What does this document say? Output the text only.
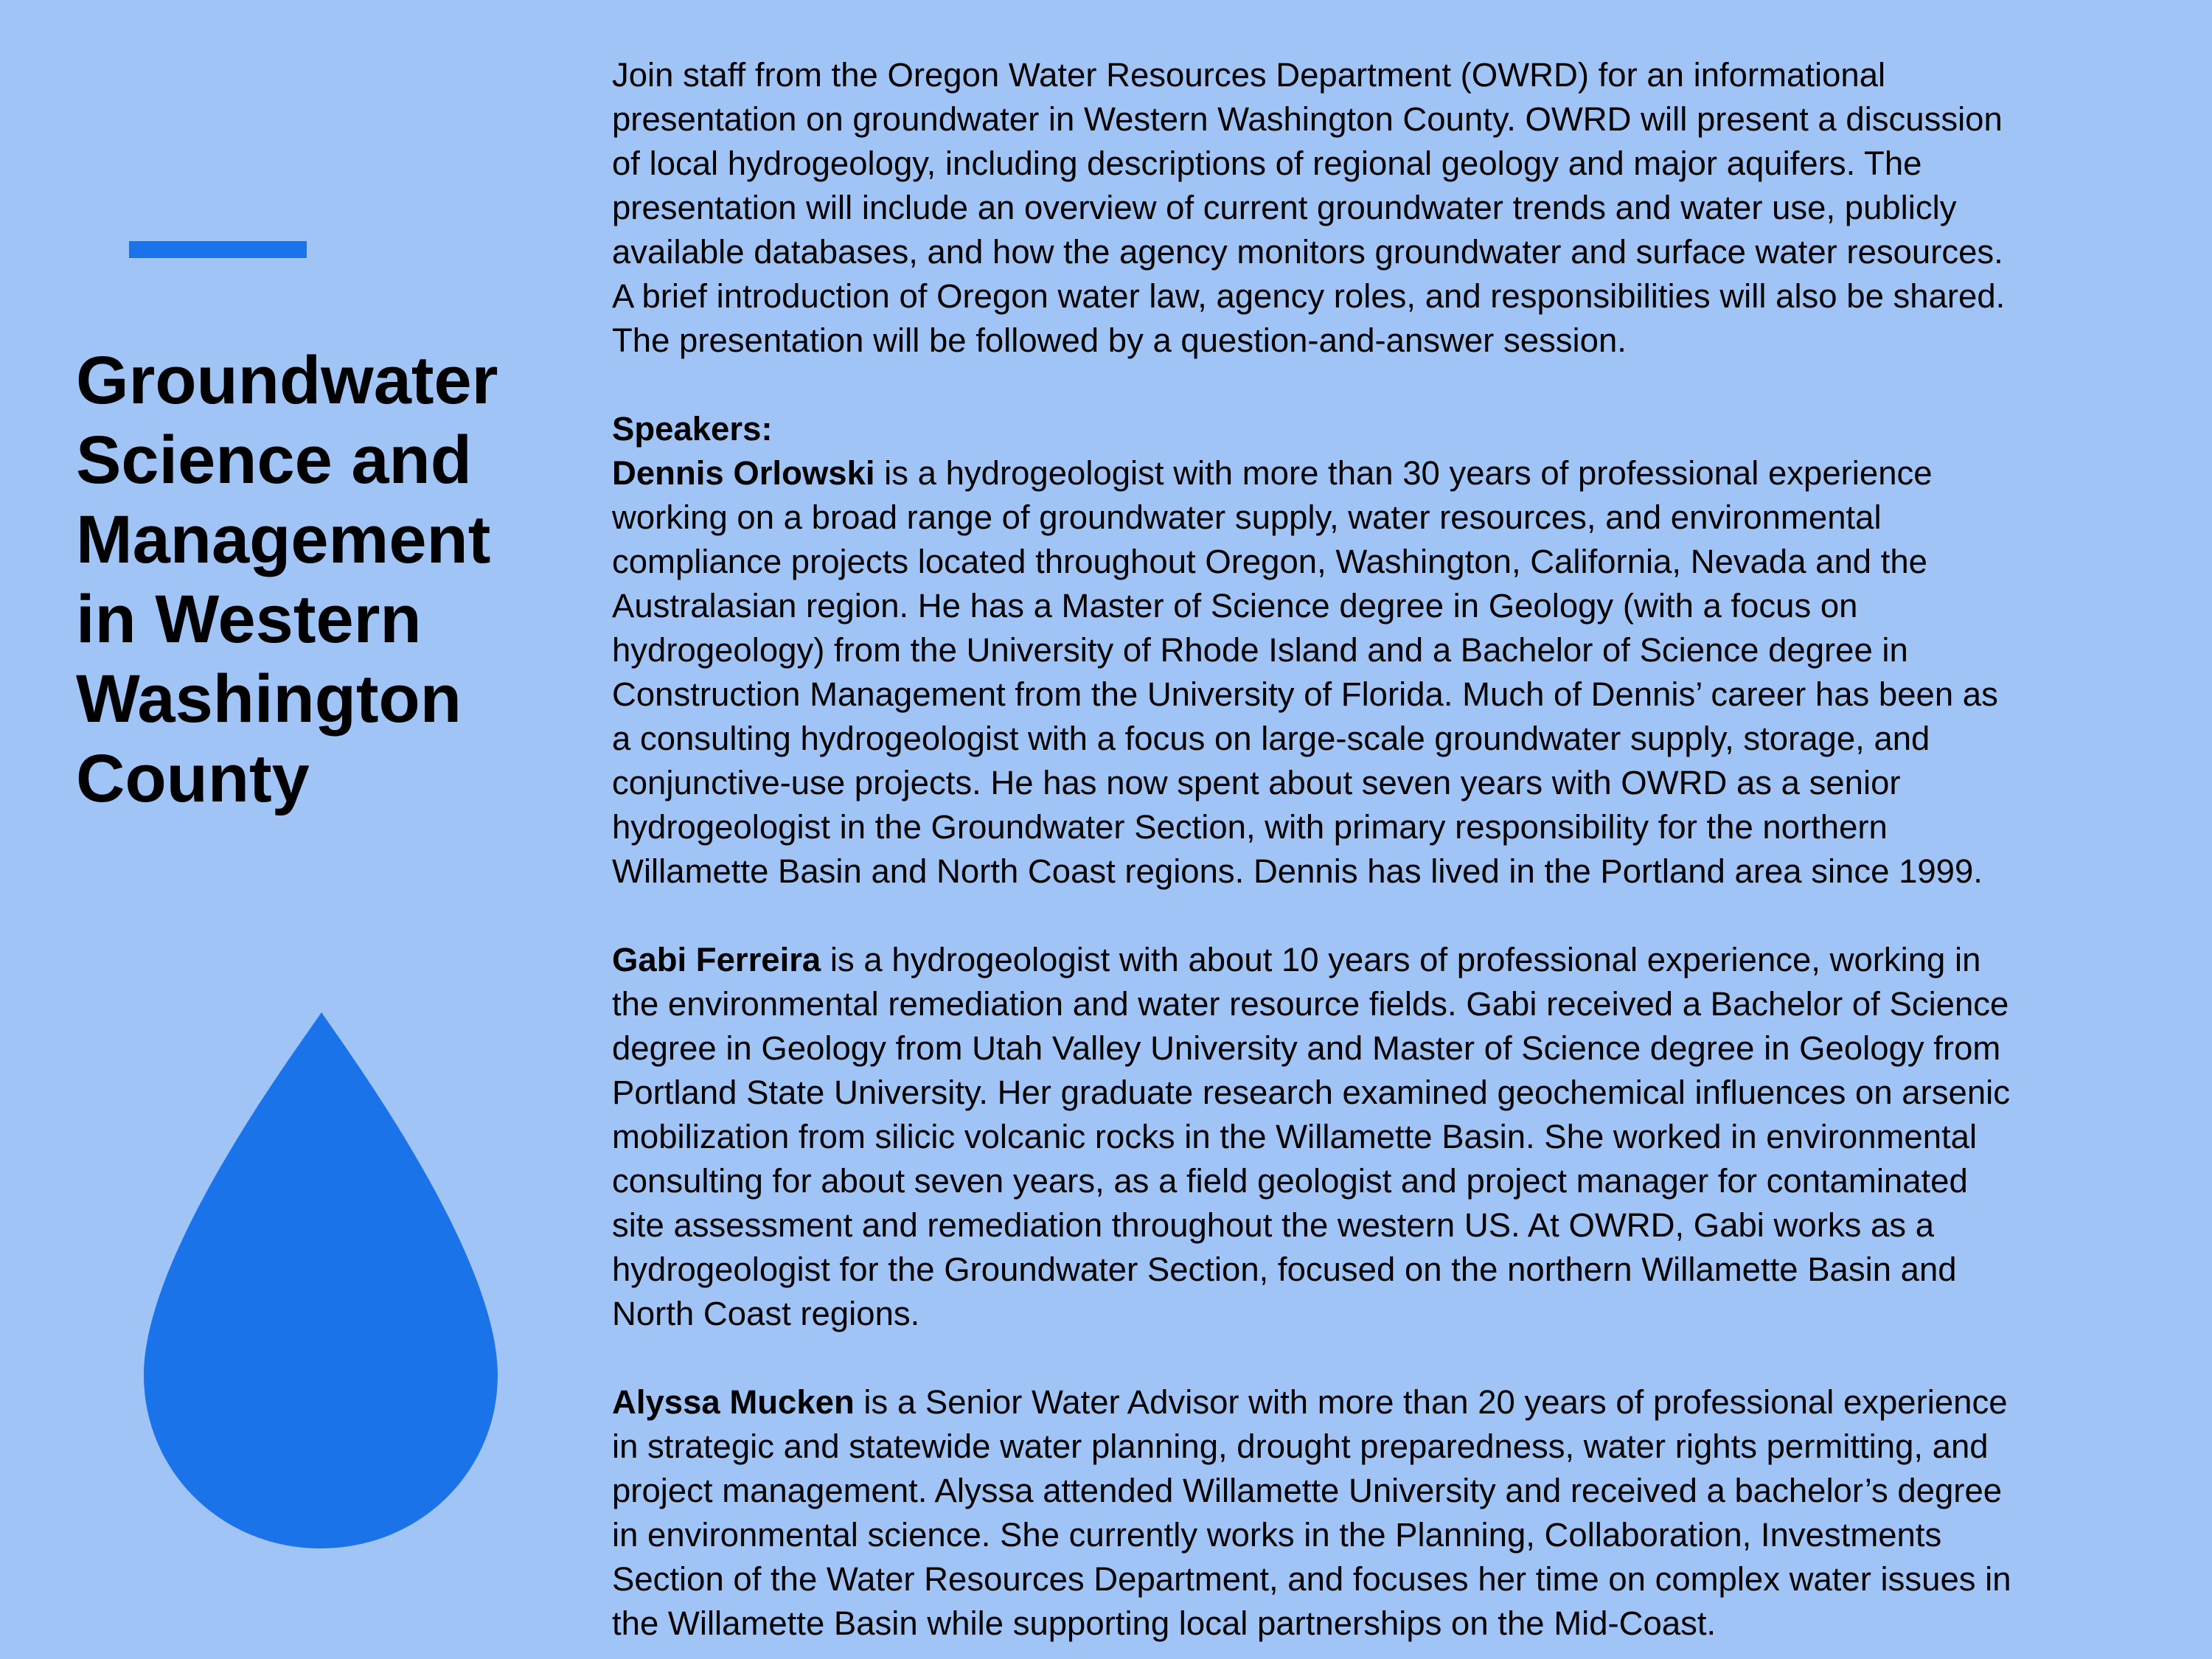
Groundwater
Science and
Management
in Western
Washington
County

Join staff from the Oregon Water Resources Department (OWRD) for an informational
presentation on groundwater in Western Washington County. OWRD will present a discussion
of local hydrogeology, including descriptions of regional geology and major aquifers. The
presentation will include an overview of current groundwater trends and water use, publicly
available databases, and how the agency monitors groundwater and surface water resources.
A brief introduction of Oregon water law, agency roles, and responsibilities will also be shared.
The presentation will be followed by a question-and-answer session.

Speakers:
Dennis Orlowski is a hydrogeologist with more than 30 years of professional experience
working on a broad range of groundwater supply, water resources, and environmental
compliance projects located throughout Oregon, Washington, California, Nevada and the
Australasian region. He has a Master of Science degree in Geology (with a focus on
hydrogeology) from the University of Rhode Island and a Bachelor of Science degree in
Construction Management from the University of Florida. Much of Dennis’ career has been as
a consulting hydrogeologist with a focus on large-scale groundwater supply, storage, and
conjunctive-use projects. He has now spent about seven years with OWRD as a senior
hydrogeologist in the Groundwater Section, with primary responsibility for the northern
Willamette Basin and North Coast regions. Dennis has lived in the Portland area since 1999.
Gabi Ferreira is a hydrogeologist with about 10 years of professional experience, working in
the environmental remediation and water resource fields. Gabi received a Bachelor of Science
degree in Geology from Utah Valley University and Master of Science degree in Geology from
Portland State University. Her graduate research examined geochemical influences on arsenic
mobilization from silicic volcanic rocks in the Willamette Basin. She worked in environmental
consulting for about seven years, as a field geologist and project manager for contaminated
site assessment and remediation throughout the western US. At OWRD, Gabi works as a
hydrogeologist for the Groundwater Section, focused on the northern Willamette Basin and
North Coast regions.
Alyssa Mucken is a Senior Water Advisor with more than 20 years of professional experience
in strategic and statewide water planning, drought preparedness, water rights permitting, and
project management. Alyssa attended Willamette University and received a bachelor’s degree
in environmental science. She currently works in the Planning, Collaboration, Investments
Section of the Water Resources Department, and focuses her time on complex water issues in
the Willamette Basin while supporting local partnerships on the Mid-Coast.
